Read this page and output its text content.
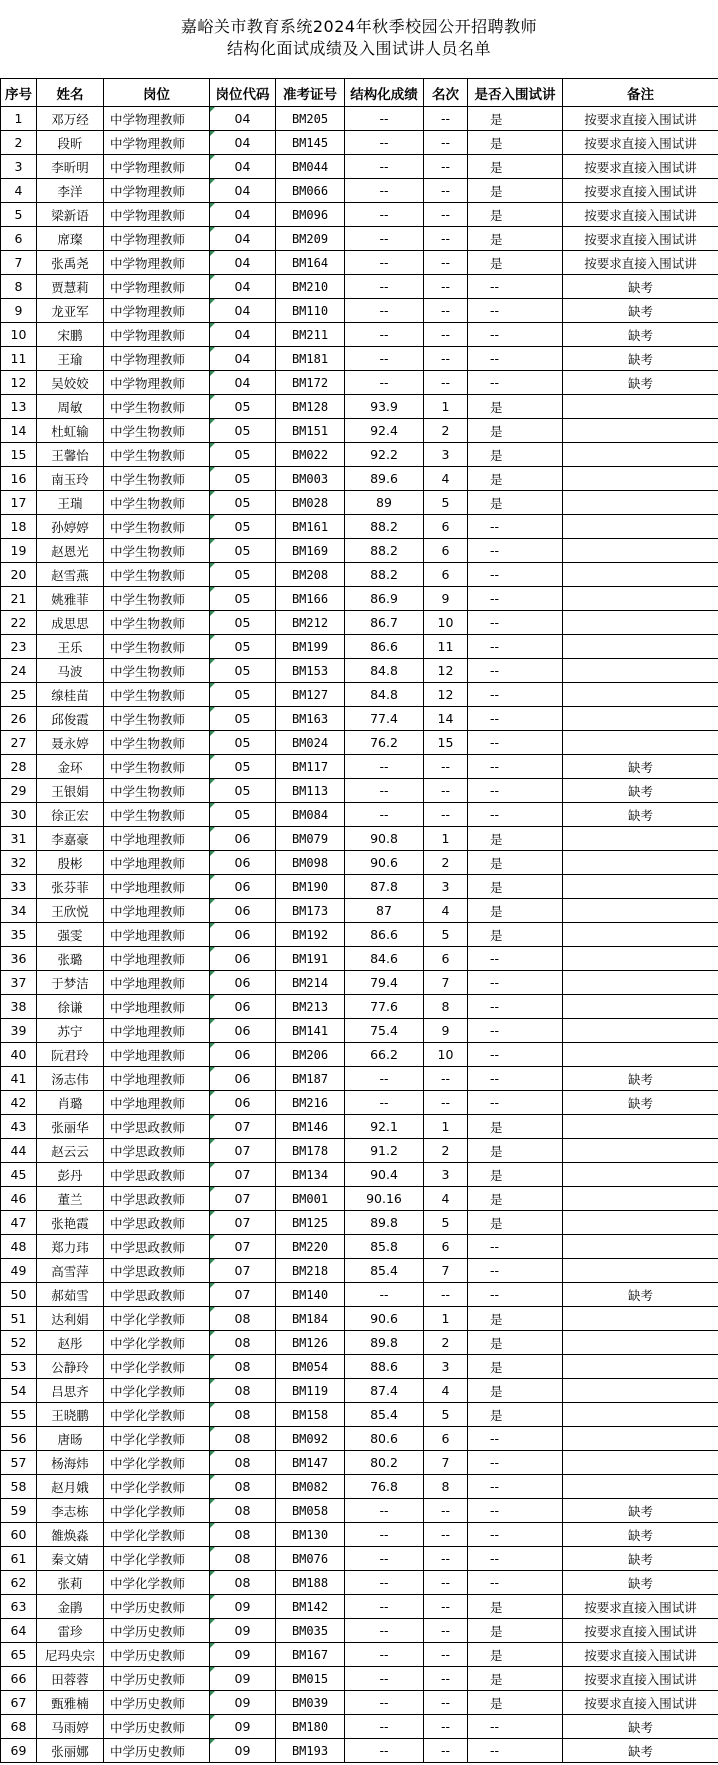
嘉峪关市教育系统2024年秋季校园公开招聘教师
结构化面试成绩及入围试讲人员名单
序号	姓名	岗位	岗位代码	准考证号	结构化成绩	名次	是否入围试讲	备注
1	邓万经	中学物理教师	04	BM205	--	--	是	按要求直接入围试讲
2	段昕	中学物理教师	04	BM145	--	--	是	按要求直接入围试讲
3	李昕明	中学物理教师	04	BM044	--	--	是	按要求直接入围试讲
4	李洋	中学物理教师	04	BM066	--	--	是	按要求直接入围试讲
5	梁新语	中学物理教师	04	BM096	--	--	是	按要求直接入围试讲
6	席璨	中学物理教师	04	BM209	--	--	是	按要求直接入围试讲
7	张禹尧	中学物理教师	04	BM164	--	--	是	按要求直接入围试讲
8	贾慧莉	中学物理教师	04	BM210	--	--	--	缺考
9	龙亚军	中学物理教师	04	BM110	--	--	--	缺考
10	宋鹏	中学物理教师	04	BM211	--	--	--	缺考
11	王瑜	中学物理教师	04	BM181	--	--	--	缺考
12	吴姣姣	中学物理教师	04	BM172	--	--	--	缺考
13	周敏	中学生物教师	05	BM128	93.9	1	是	
14	杜虹输	中学生物教师	05	BM151	92.4	2	是	
15	王馨怡	中学生物教师	05	BM022	92.2	3	是	
16	南玉玲	中学生物教师	05	BM003	89.6	4	是	
17	王瑞	中学生物教师	05	BM028	89	5	是	
18	孙婷婷	中学生物教师	05	BM161	88.2	6	--	
19	赵恩光	中学生物教师	05	BM169	88.2	6	--	
20	赵雪燕	中学生物教师	05	BM208	88.2	6	--	
21	姚雅菲	中学生物教师	05	BM166	86.9	9	--	
22	成思思	中学生物教师	05	BM212	86.7	10	--	
23	王乐	中学生物教师	05	BM199	86.6	11	--	
24	马波	中学生物教师	05	BM153	84.8	12	--	
25	缐桂苗	中学生物教师	05	BM127	84.8	12	--	
26	邱俊霞	中学生物教师	05	BM163	77.4	14	--	
27	聂永婷	中学生物教师	05	BM024	76.2	15	--	
28	金环	中学生物教师	05	BM117	--	--	--	缺考
29	王银娟	中学生物教师	05	BM113	--	--	--	缺考
30	徐正宏	中学生物教师	05	BM084	--	--	--	缺考
31	李嘉豪	中学地理教师	06	BM079	90.8	1	是	
32	殷彬	中学地理教师	06	BM098	90.6	2	是	
33	张芬菲	中学地理教师	06	BM190	87.8	3	是	
34	王欣悦	中学地理教师	06	BM173	87	4	是	
35	强雯	中学地理教师	06	BM192	86.6	5	是	
36	张璐	中学地理教师	06	BM191	84.6	6	--	
37	于梦洁	中学地理教师	06	BM214	79.4	7	--	
38	徐谦	中学地理教师	06	BM213	77.6	8	--	
39	苏宁	中学地理教师	06	BM141	75.4	9	--	
40	阮君玲	中学地理教师	06	BM206	66.2	10	--	
41	汤志伟	中学地理教师	06	BM187	--	--	--	缺考
42	肖璐	中学地理教师	06	BM216	--	--	--	缺考
43	张丽华	中学思政教师	07	BM146	92.1	1	是	
44	赵云云	中学思政教师	07	BM178	91.2	2	是	
45	彭丹	中学思政教师	07	BM134	90.4	3	是	
46	董兰	中学思政教师	07	BM001	90.16	4	是	
47	张艳霞	中学思政教师	07	BM125	89.8	5	是	
48	郑力玮	中学思政教师	07	BM220	85.8	6	--	
49	高雪萍	中学思政教师	07	BM218	85.4	7	--	
50	郝茹雪	中学思政教师	07	BM140	--	--	--	缺考
51	达利娟	中学化学教师	08	BM184	90.6	1	是	
52	赵彤	中学化学教师	08	BM126	89.8	2	是	
53	公静玲	中学化学教师	08	BM054	88.6	3	是	
54	吕思齐	中学化学教师	08	BM119	87.4	4	是	
55	王晓鹏	中学化学教师	08	BM158	85.4	5	是	
56	唐旸	中学化学教师	08	BM092	80.6	6	--	
57	杨海炜	中学化学教师	08	BM147	80.2	7	--	
58	赵月娥	中学化学教师	08	BM082	76.8	8	--	
59	李志栋	中学化学教师	08	BM058	--	--	--	缺考
60	雒焕淼	中学化学教师	08	BM130	--	--	--	缺考
61	秦文婧	中学化学教师	08	BM076	--	--	--	缺考
62	张莉	中学化学教师	08	BM188	--	--	--	缺考
63	金鹃	中学历史教师	09	BM142	--	--	是	按要求直接入围试讲
64	雷珍	中学历史教师	09	BM035	--	--	是	按要求直接入围试讲
65	尼玛央宗	中学历史教师	09	BM167	--	--	是	按要求直接入围试讲
66	田蓉蓉	中学历史教师	09	BM015	--	--	是	按要求直接入围试讲
67	甄雅楠	中学历史教师	09	BM039	--	--	是	按要求直接入围试讲
68	马雨婷	中学历史教师	09	BM180	--	--	--	缺考
69	张丽娜	中学历史教师	09	BM193	--	--	--	缺考
